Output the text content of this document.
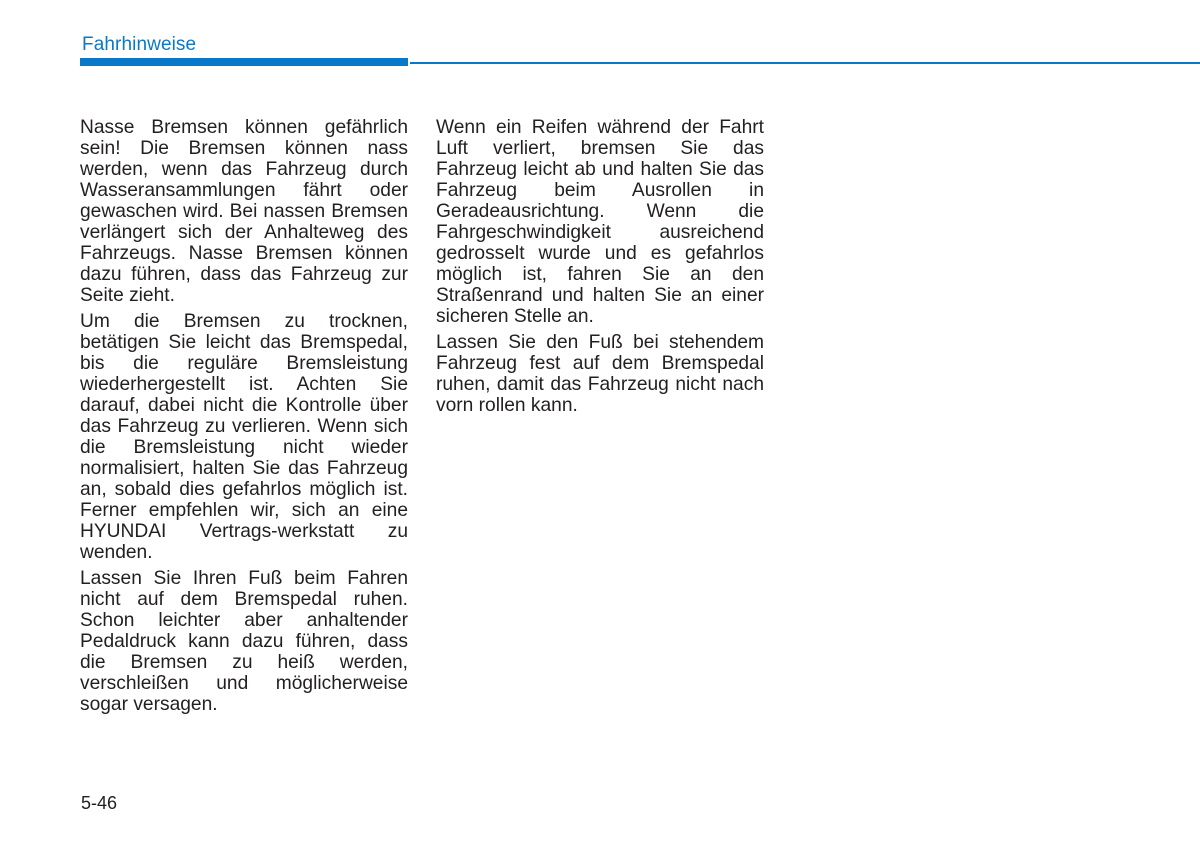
Fahrhinweise

Nasse Bremsen können gefährlich sein! Die Bremsen können nass werden, wenn das Fahrzeug durch Wasseransammlungen fährt oder gewaschen wird. Bei nassen Bremsen verlängert sich der Anhalteweg des Fahrzeugs. Nasse Bremsen können dazu führen, dass das Fahrzeug zur Seite zieht.

Um die Bremsen zu trocknen, betätigen Sie leicht das Bremspedal, bis die reguläre Bremsleistung wiederhergestellt ist. Achten Sie darauf, dabei nicht die Kontrolle über das Fahrzeug zu verlieren. Wenn sich die Bremsleistung nicht wieder normalisiert, halten Sie das Fahrzeug an, sobald dies gefahrlos möglich ist. Ferner empfehlen wir, sich an eine HYUNDAI Vertrags-werkstatt zu wenden.

Lassen Sie Ihren Fuß beim Fahren nicht auf dem Bremspedal ruhen. Schon leichter aber anhaltender Pedaldruck kann dazu führen, dass die Bremsen zu heiß werden, verschleißen und möglicherweise sogar versagen.

Wenn ein Reifen während der Fahrt Luft verliert, bremsen Sie das Fahrzeug leicht ab und halten Sie das Fahrzeug beim Ausrollen in Geradeausrichtung. Wenn die Fahrgeschwindigkeit ausreichend gedrosselt wurde und es gefahrlos möglich ist, fahren Sie an den Straßenrand und halten Sie an einer sicheren Stelle an.

Lassen Sie den Fuß bei stehendem Fahrzeug fest auf dem Bremspedal ruhen, damit das Fahrzeug nicht nach vorn rollen kann.

5-46
